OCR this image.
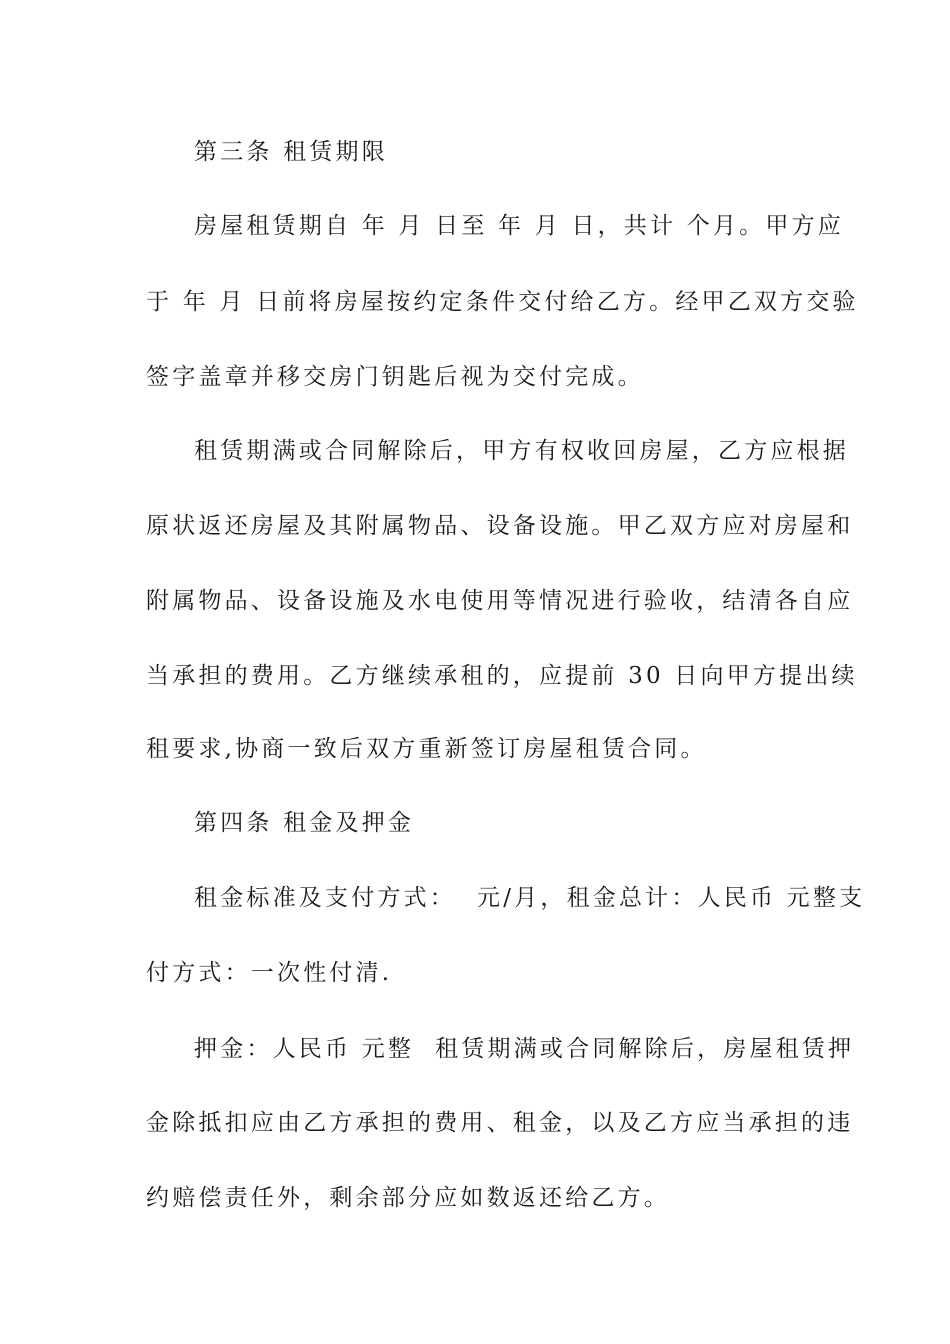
第三条 租赁期限
房屋租赁期自 年 月 日至 年 月 日，共计 个月。甲方应
于 年 月 日前将房屋按约定条件交付给乙方。经甲乙双方交验
签字盖章并移交房门钥匙后视为交付完成。
租赁期满或合同解除后，甲方有权收回房屋，乙方应根据
原状返还房屋及其附属物品、设备设施。甲乙双方应对房屋和
附属物品、设备设施及水电使用等情况进行验收，结清各自应
当承担的费用。乙方继续承租的，应提前 30 日向甲方提出续
租要求,协商一致后双方重新签订房屋租赁合同。
第四条 租金及押金
租金标准及支付方式：  元/月，租金总计：人民币 元整支
付方式：一次性付清.
押金：人民币 元整  租赁期满或合同解除后，房屋租赁押
金除抵扣应由乙方承担的费用、租金，以及乙方应当承担的违
约赔偿责任外，剩余部分应如数返还给乙方。
